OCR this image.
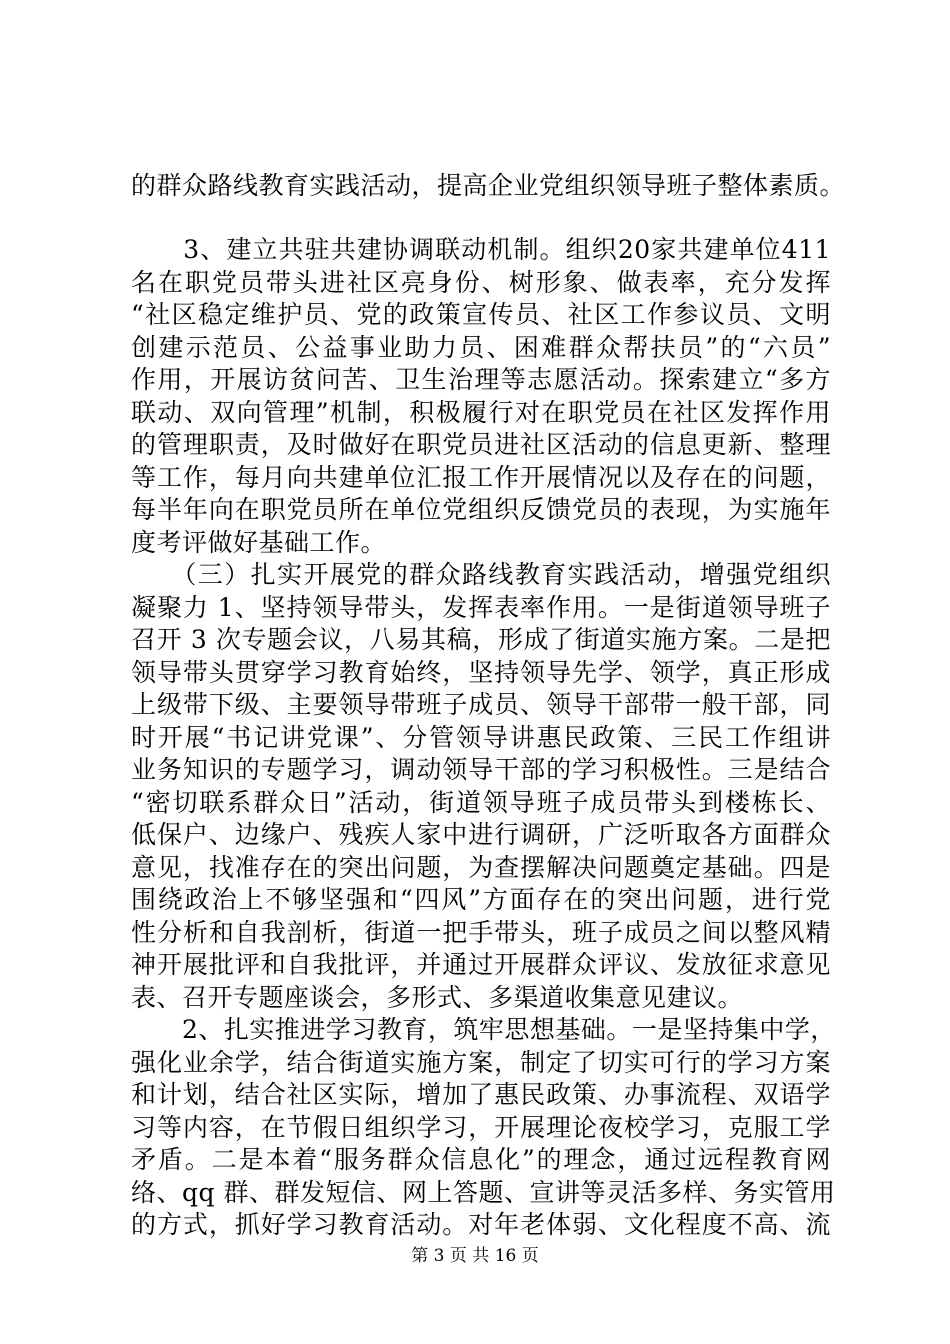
的群众路线教育实践活动，提高企业党组织领导班子整体素质。
　　3、建立共驻共建协调联动机制。组织20家共建单位411
名在职党员带头进社区亮身份、树形象、做表率，充分发挥
“社区稳定维护员、党的政策宣传员、社区工作参议员、文明
创建示范员、公益事业助力员、困难群众帮扶员”的“六员”
作用，开展访贫问苦、卫生治理等志愿活动。探索建立“多方
联动、双向管理”机制，积极履行对在职党员在社区发挥作用
的管理职责，及时做好在职党员进社区活动的信息更新、整理
等工作，每月向共建单位汇报工作开展情况以及存在的问题，
每半年向在职党员所在单位党组织反馈党员的表现，为实施年
度考评做好基础工作。
　　（三）扎实开展党的群众路线教育实践活动，增强党组织
凝聚力 1、坚持领导带头，发挥表率作用。一是街道领导班子
召开 3 次专题会议，八易其稿，形成了街道实施方案。二是把
领导带头贯穿学习教育始终，坚持领导先学、领学，真正形成
上级带下级、主要领导带班子成员、领导干部带一般干部，同
时开展“书记讲党课”、分管领导讲惠民政策、三民工作组讲
业务知识的专题学习，调动领导干部的学习积极性。三是结合
“密切联系群众日”活动，街道领导班子成员带头到楼栋长、
低保户、边缘户、残疾人家中进行调研，广泛听取各方面群众
意见，找准存在的突出问题，为查摆解决问题奠定基础。四是
围绕政治上不够坚强和“四风”方面存在的突出问题，进行党
性分析和自我剖析，街道一把手带头，班子成员之间以整风精
神开展批评和自我批评，并通过开展群众评议、发放征求意见
表、召开专题座谈会，多形式、多渠道收集意见建议。
　　2、扎实推进学习教育，筑牢思想基础。一是坚持集中学，
强化业余学，结合街道实施方案，制定了切实可行的学习方案
和计划，结合社区实际，增加了惠民政策、办事流程、双语学
习等内容，在节假日组织学习，开展理论夜校学习，克服工学
矛盾。二是本着“服务群众信息化”的理念，通过远程教育网
络、qq 群、群发短信、网上答题、宣讲等灵活多样、务实管用
的方式，抓好学习教育活动。对年老体弱、文化程度不高、流
第 3 页 共 16 页
